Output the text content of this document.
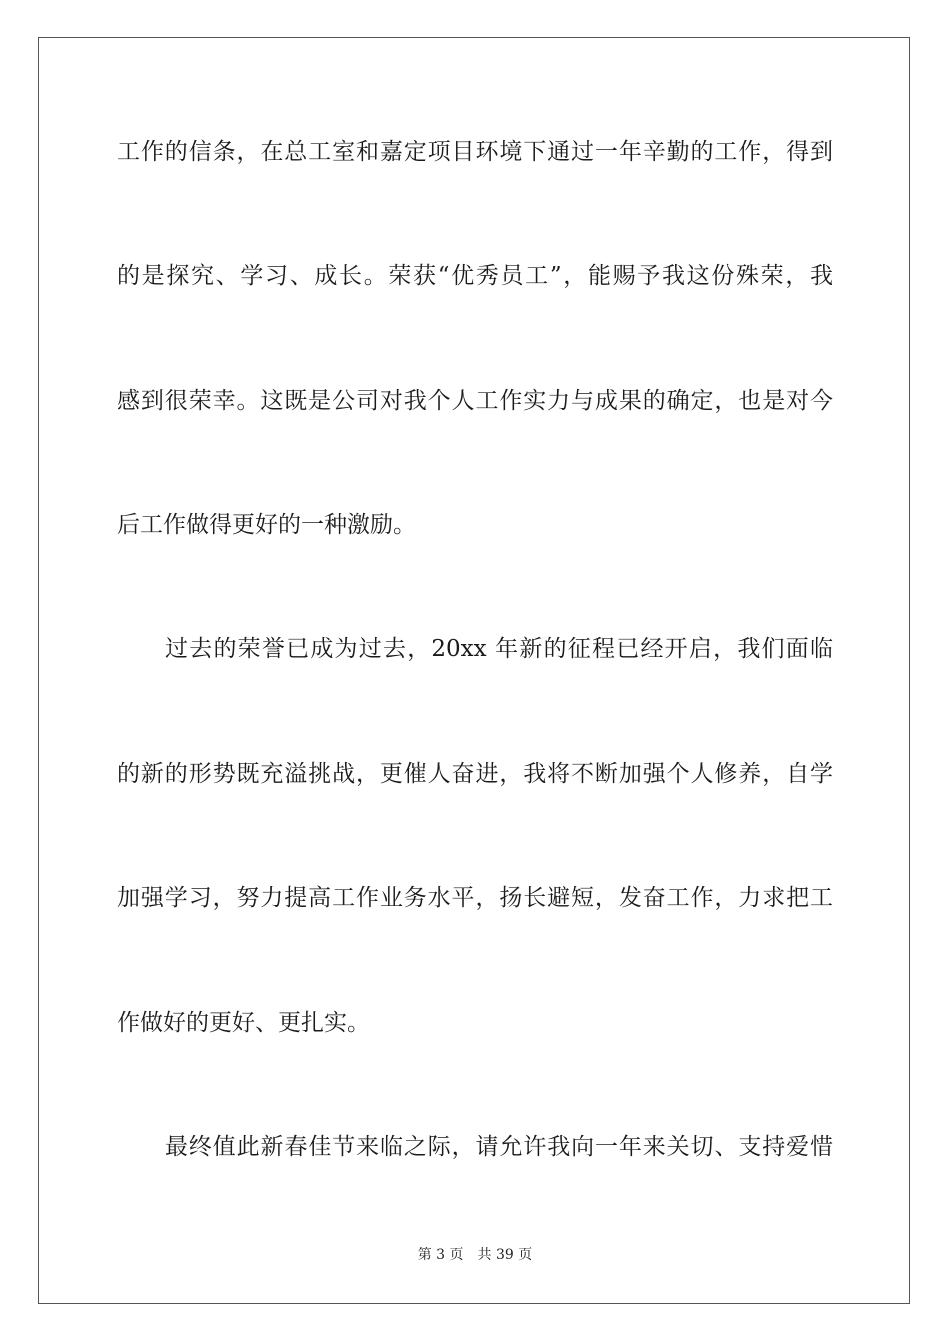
工作的信条，在总工室和嘉定项目环境下通过一年辛勤的工作，得到
的是探究、学习、成长。荣获“优秀员工”，能赐予我这份殊荣，我
感到很荣幸。这既是公司对我个人工作实力与成果的确定，也是对今
后工作做得更好的一种激励。
过去的荣誉已成为过去，20xx 年新的征程已经开启，我们面临
的新的形势既充溢挑战，更催人奋进，我将不断加强个人修养，自学
加强学习，努力提高工作业务水平，扬长避短，发奋工作，力求把工
作做好的更好、更扎实。
最终值此新春佳节来临之际，请允许我向一年来关切、支持爱惜
第 3 页 共 39 页
